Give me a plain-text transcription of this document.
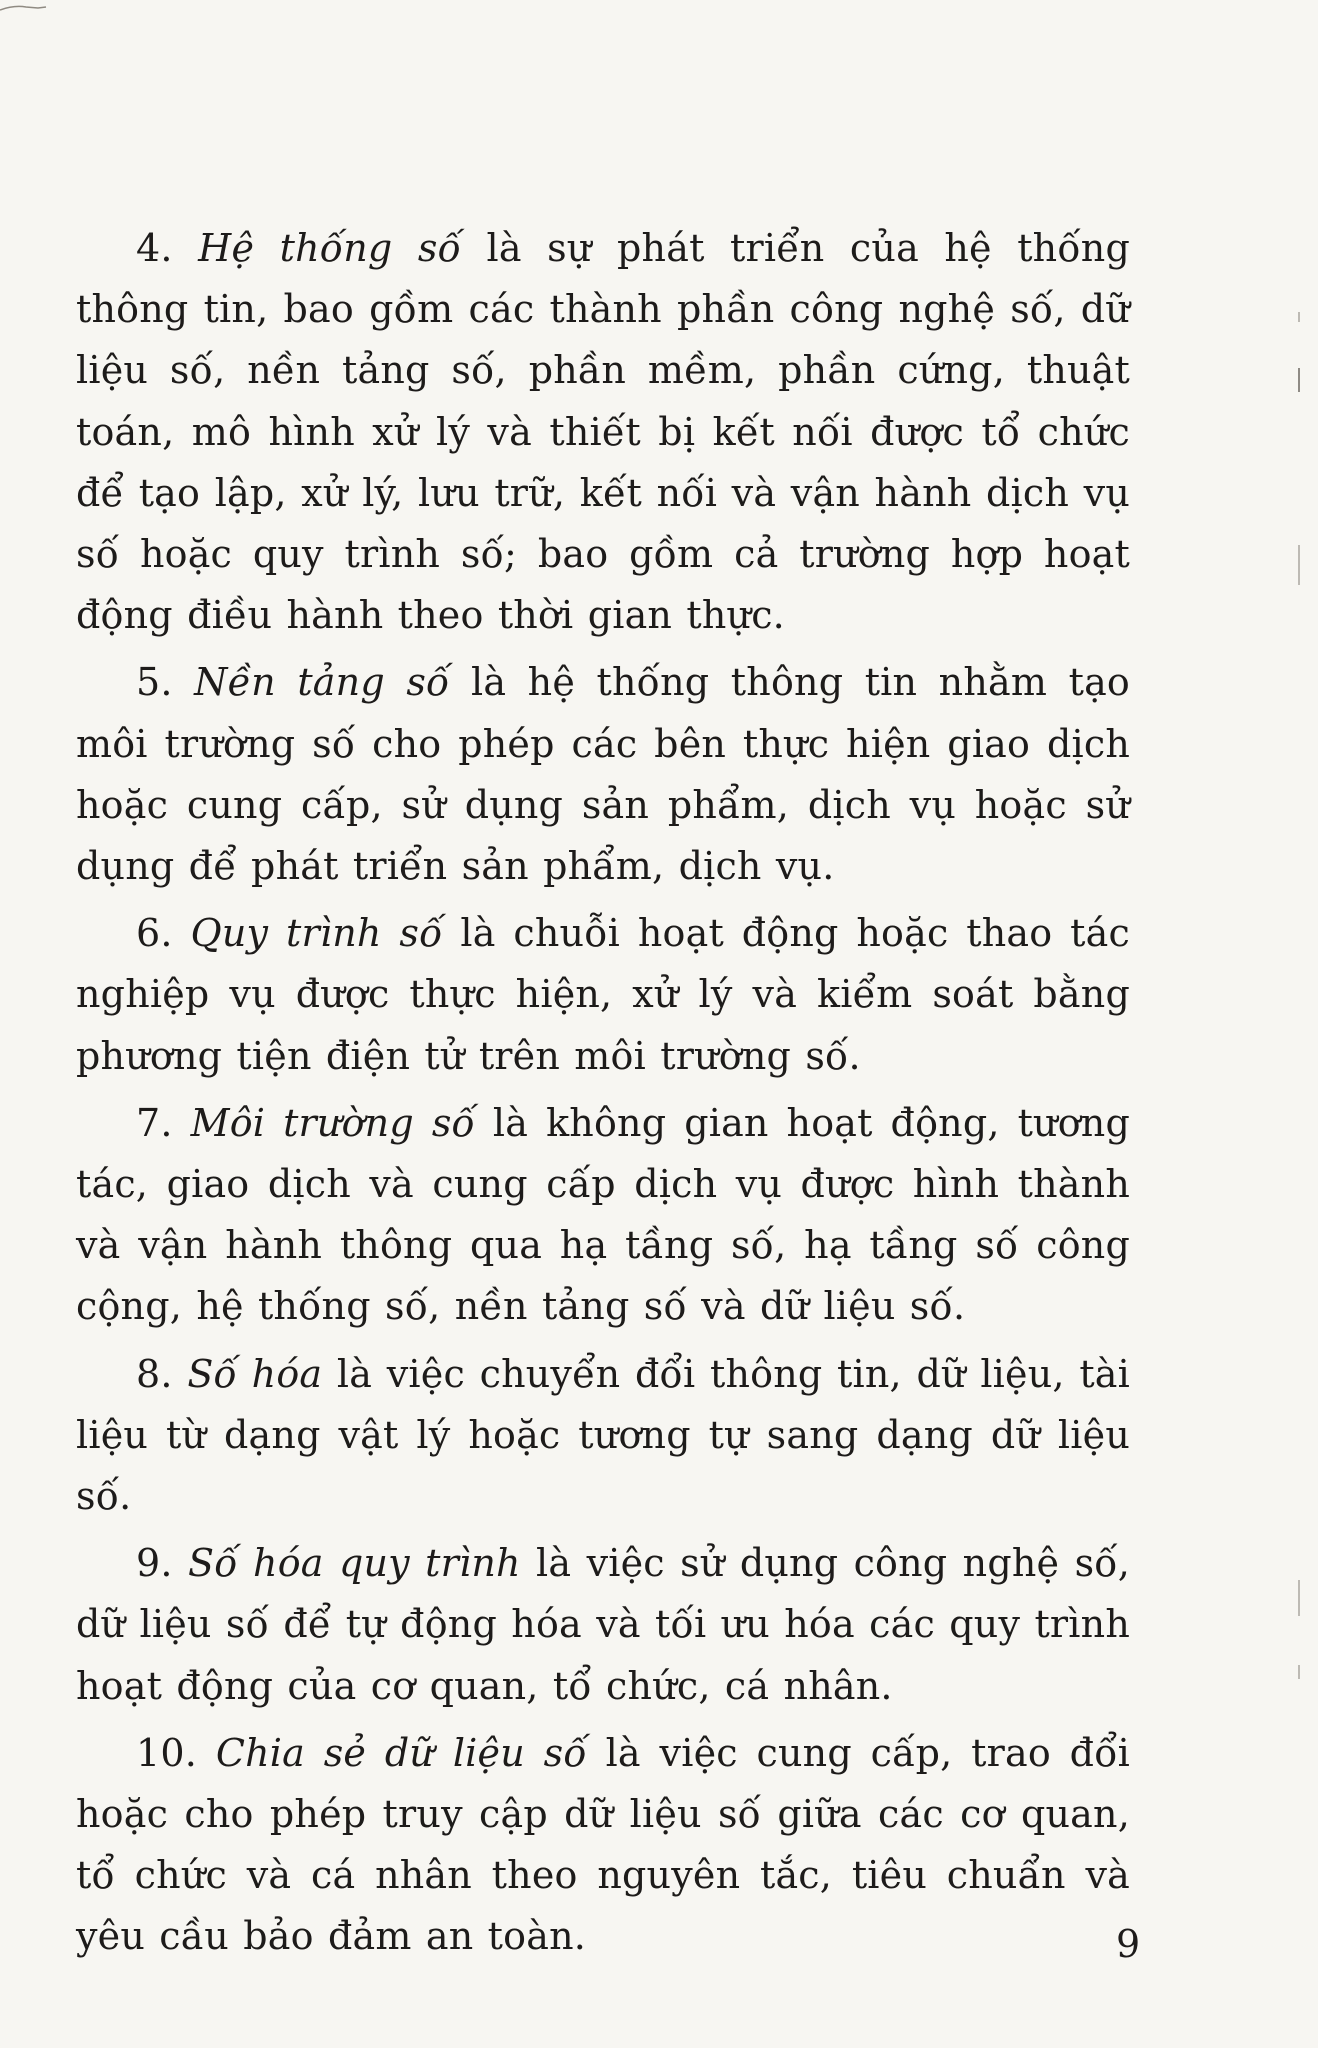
4. Hệ thống số là sự phát triển của hệ thống thông tin, bao gồm các thành phần công nghệ số, dữ liệu số, nền tảng số, phần mềm, phần cứng, thuật toán, mô hình xử lý và thiết bị kết nối được tổ chức để tạo lập, xử lý, lưu trữ, kết nối và vận hành dịch vụ số hoặc quy trình số; bao gồm cả trường hợp hoạt động điều hành theo thời gian thực.

5. Nền tảng số là hệ thống thông tin nhằm tạo môi trường số cho phép các bên thực hiện giao dịch hoặc cung cấp, sử dụng sản phẩm, dịch vụ hoặc sử dụng để phát triển sản phẩm, dịch vụ.

6. Quy trình số là chuỗi hoạt động hoặc thao tác nghiệp vụ được thực hiện, xử lý và kiểm soát bằng phương tiện điện tử trên môi trường số.

7. Môi trường số là không gian hoạt động, tương tác, giao dịch và cung cấp dịch vụ được hình thành và vận hành thông qua hạ tầng số, hạ tầng số công cộng, hệ thống số, nền tảng số và dữ liệu số.

8. Số hóa là việc chuyển đổi thông tin, dữ liệu, tài liệu từ dạng vật lý hoặc tương tự sang dạng dữ liệu số.

9. Số hóa quy trình là việc sử dụng công nghệ số, dữ liệu số để tự động hóa và tối ưu hóa các quy trình hoạt động của cơ quan, tổ chức, cá nhân.

10. Chia sẻ dữ liệu số là việc cung cấp, trao đổi hoặc cho phép truy cập dữ liệu số giữa các cơ quan, tổ chức và cá nhân theo nguyên tắc, tiêu chuẩn và yêu cầu bảo đảm an toàn.	9
